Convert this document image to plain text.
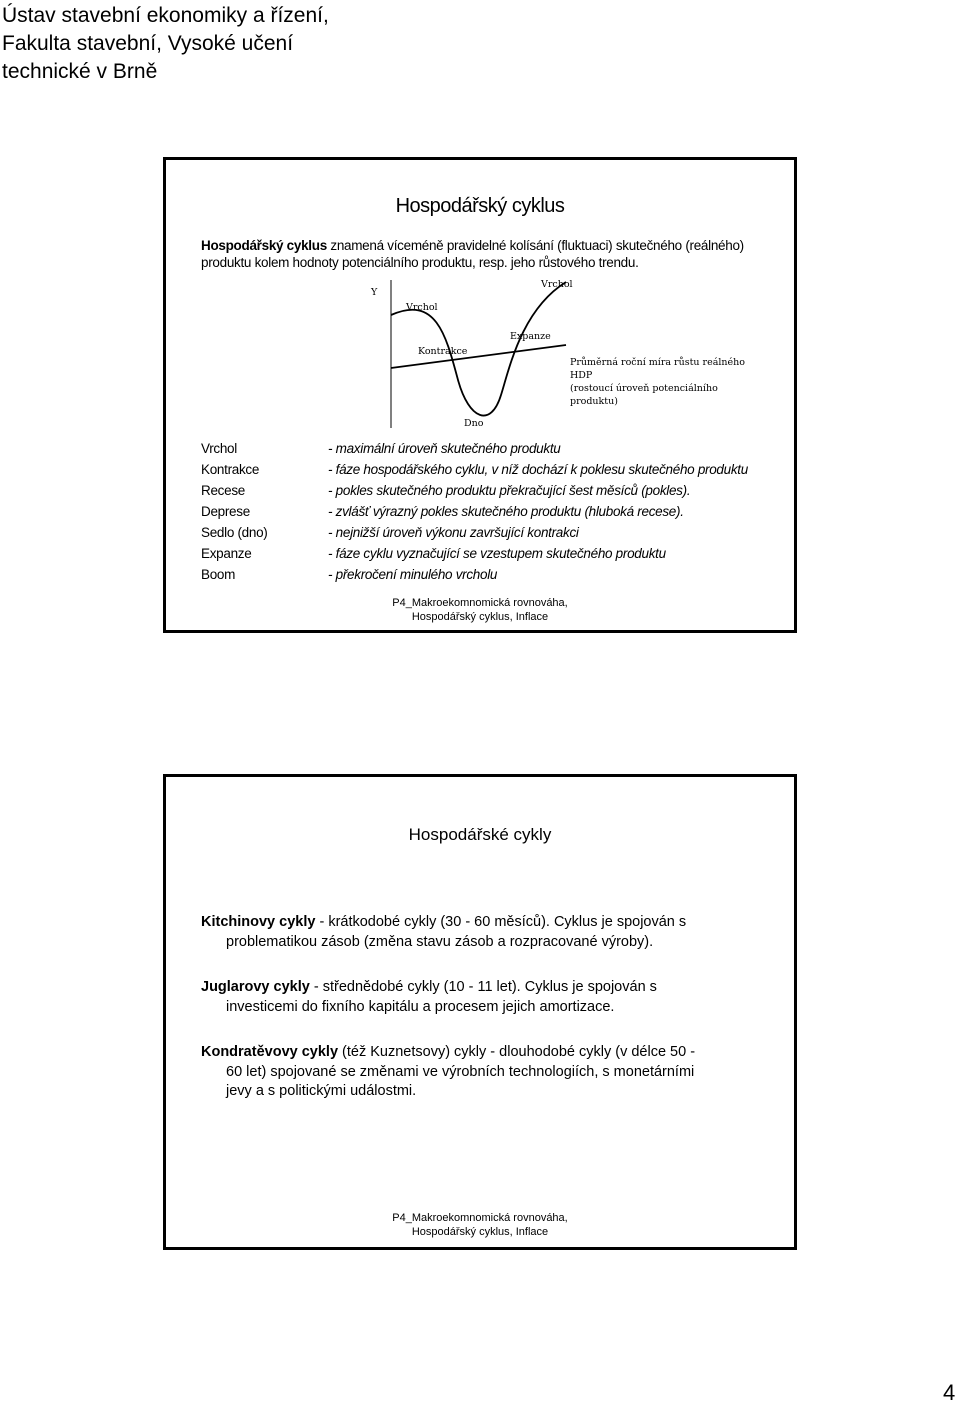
Ústav stavební ekonomiky a řízení,
Fakulta stavební, Vysoké učení
technické v Brně
Hospodářský cyklus
Hospodářský cyklus znamená víceméně pravidelné kolísání (fluktuaci) skutečného (reálného)
produktu kolem hodnoty potenciálního produktu, resp. jeho růstového trendu.
Y
Vrchol
Vrchol
Expanze
Kontrakce
Dno
Průměrná roční míra růstu reálného
HDP
(rostoucí úroveň potenciálního
produktu)
Vrchol	- maximální úroveň skutečného produktu
Kontrakce	- fáze hospodářského cyklu, v níž dochází k poklesu skutečného produktu
Recese	- pokles skutečného produktu překračující šest měsíců (pokles).
Deprese	- zvlášť výrazný pokles skutečného produktu (hluboká recese).
Sedlo (dno)	- nejnižší úroveň výkonu završující kontrakci
Expanze	- fáze cyklu vyznačující se vzestupem skutečného produktu
Boom	- překročení minulého vrcholu
P4_Makroekomnomická rovnováha,
Hospodářský cyklus, Inflace
Hospodářské cykly
Kitchinovy cykly - krátkodobé cykly (30 - 60 měsíců). Cyklus je spojován s
problematikou zásob (změna stavu zásob a rozpracované výroby).
Juglarovy cykly - střednědobé cykly (10 - 11 let). Cyklus je spojován s
investicemi do fixního kapitálu a procesem jejich amortizace.
Kondratěvovy cykly (též Kuznetsovy) cykly - dlouhodobé cykly (v délce 50 -
60 let) spojované se změnami ve výrobních technologiích, s monetárními
jevy a s politickými událostmi.
P4_Makroekomnomická rovnováha,
Hospodářský cyklus, Inflace
4
